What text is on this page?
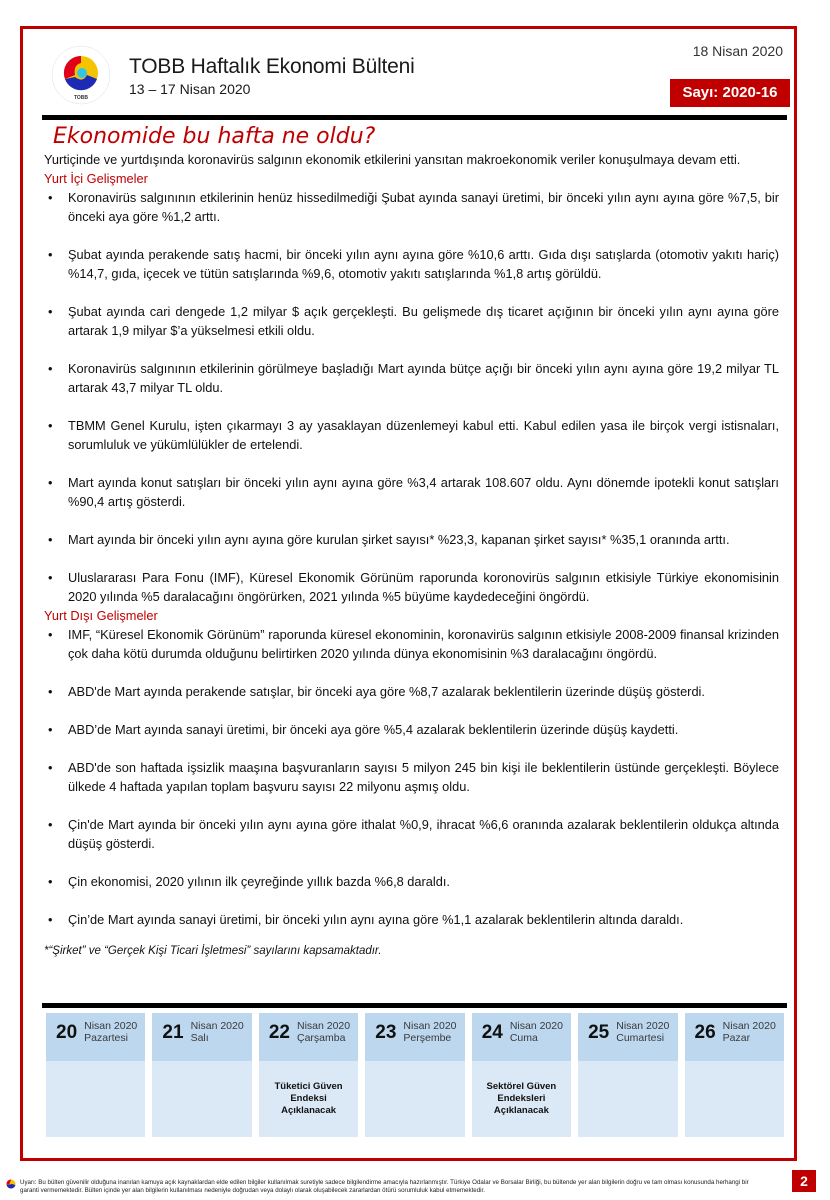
TOBB
TOBB Haftalık Ekonomi Bülteni
13 – 17 Nisan 2020
18 Nisan 2020
Sayı: 2020-16
Ekonomide bu hafta ne oldu?

Yurtiçinde ve yurtdışında koronavirüs salgının ekonomik etkilerini yansıtan makroekonomik veriler konuşulmaya devam etti.

Yurt İçi Gelişmeler

• Koronavirüs salgınının etkilerinin henüz hissedilmediği Şubat ayında sanayi üretimi, bir önceki yılın aynı ayına göre %7,5, bir önceki aya göre %1,2 arttı.
• Şubat ayında perakende satış hacmi, bir önceki yılın aynı ayına göre %10,6 arttı. Gıda dışı satışlarda (otomotiv yakıtı hariç) %14,7, gıda, içecek ve tütün satışlarında %9,6, otomotiv yakıtı satışlarında %1,8 artış görüldü.
• Şubat ayında cari dengede 1,2 milyar $ açık gerçekleşti. Bu gelişmede dış ticaret açığının bir önceki yılın aynı ayına göre artarak 1,9 milyar $’a yükselmesi etkili oldu.
• Koronavirüs salgınının etkilerinin görülmeye başladığı Mart ayında bütçe açığı bir önceki yılın aynı ayına göre 19,2 milyar TL artarak 43,7 milyar TL oldu.
• TBMM Genel Kurulu, işten çıkarmayı 3 ay yasaklayan düzenlemeyi kabul etti. Kabul edilen yasa ile birçok vergi istisnaları, sorumluluk ve yükümlülükler de ertelendi.
• Mart ayında konut satışları bir önceki yılın aynı ayına göre %3,4 artarak 108.607 oldu. Aynı dönemde ipotekli konut satışları %90,4 artış gösterdi.
• Mart ayında bir önceki yılın aynı ayına göre kurulan şirket sayısı* %23,3, kapanan şirket sayısı* %35,1 oranında arttı.
• Uluslararası Para Fonu (IMF), Küresel Ekonomik Görünüm raporunda koronovirüs salgının etkisiyle Türkiye ekonomisinin 2020 yılında %5 daralacağını öngörürken, 2021 yılında %5 büyüme kaydedeceğini öngördü.

Yurt Dışı Gelişmeler

• IMF, “Küresel Ekonomik Görünüm” raporunda küresel ekonominin, koronavirüs salgının etkisiyle 2008-2009 finansal krizinden çok daha kötü durumda olduğunu belirtirken 2020 yılında dünya ekonomisinin %3 daralacağını öngördü.
• ABD'de Mart ayında perakende satışlar, bir önceki aya göre %8,7 azalarak beklentilerin üzerinde düşüş gösterdi.
• ABD’de Mart ayında sanayi üretimi, bir önceki aya göre %5,4 azalarak beklentilerin üzerinde düşüş kaydetti.
• ABD'de son haftada işsizlik maaşına başvuranların sayısı 5 milyon 245 bin kişi ile beklentilerin üstünde gerçekleşti. Böylece ülkede 4 haftada yapılan toplam başvuru sayısı 22 milyonu aşmış oldu.
• Çin'de Mart ayında bir önceki yılın aynı ayına göre ithalat %0,9, ihracat %6,6 oranında azalarak beklentilerin oldukça altında düşüş gösterdi.
• Çin ekonomisi, 2020 yılının ilk çeyreğinde yıllık bazda %6,8 daraldı.
• Çin’de Mart ayında sanayi üretimi, bir önceki yılın aynı ayına göre %1,1 azalarak beklentilerin altında daraldı.

*“Şirket” ve “Gerçek Kişi Ticari İşletmesi” sayılarını kapsamaktadır.

20 Nisan 2020
Pazartesi	21 Nisan 2020
Salı	22 Nisan 2020
Çarşamba
Tüketici Güven Endeksi Açıklanacak
23 Nisan 2020
Perşembe 24 Nisan 2020
Cuma
Sektörel Güven Endeksleri Açıklanacak
25 Nisan 2020
Cumartesi 26 Nisan 2020
Pazar
Uyarı: Bu bülten güvenilir olduğuna inanılan kamuya açık kaynaklardan elde edilen bilgiler kullanılmak suretiyle sadece bilgilendirme amacıyla hazırlanmıştır. Türkiye Odalar ve Borsalar Birliği, bu bültende yer alan bilgilerin doğru ve tam olması konusunda herhangi bir garanti vermemektedir. Bülten içinde yer alan bilgilerin kullanılması nedeniyle doğrudan veya dolaylı olarak oluşabilecek zararlardan ötürü sorumluluk kabul etmemektedir.
2
